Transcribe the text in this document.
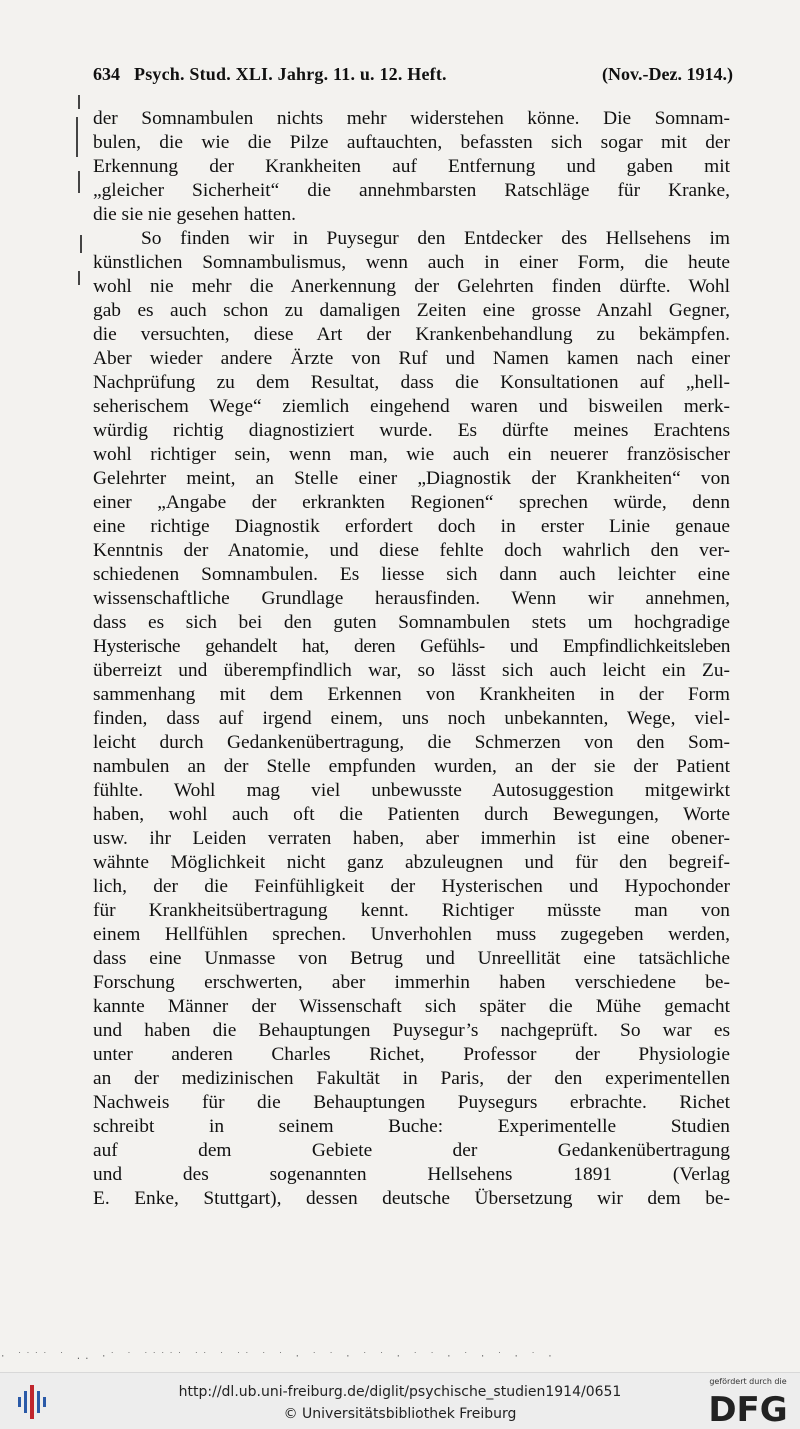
634 Psych. Stud. XLI. Jahrg. 11. u. 12. Heft.	(Nov.-Dez. 1914.)
der Somnambulen nichts mehr widerstehen könne. Die Somnam-
bulen, die wie die Pilze auftauchten, befassten sich sogar mit der
Erkennung der Krankheiten auf Entfernung und gaben mit
„gleicher Sicherheit“ die annehmbarsten Ratschläge für Kranke,
die sie nie gesehen hatten.
So finden wir in Puysegur den Entdecker des Hellsehens im
künstlichen Somnambulismus, wenn auch in einer Form, die heute
wohl nie mehr die Anerkennung der Gelehrten finden dürfte. Wohl
gab es auch schon zu damaligen Zeiten eine grosse Anzahl Gegner,
die versuchten, diese Art der Krankenbehandlung zu bekämpfen.
Aber wieder andere Ärzte von Ruf und Namen kamen nach einer
Nachprüfung zu dem Resultat, dass die Konsultationen auf „hell-
seherischem Wege“ ziemlich eingehend waren und bisweilen merk-
würdig richtig diagnostiziert wurde. Es dürfte meines Erachtens
wohl richtiger sein, wenn man, wie auch ein neuerer französischer
Gelehrter meint, an Stelle einer „Diagnostik der Krankheiten“ von
einer „Angabe der erkrankten Regionen“ sprechen würde, denn
eine richtige Diagnostik erfordert doch in erster Linie genaue
Kenntnis der Anatomie, und diese fehlte doch wahrlich den ver-
schiedenen Somnambulen. Es liesse sich dann auch leichter eine
wissenschaftliche Grundlage herausfinden. Wenn wir annehmen,
dass es sich bei den guten Somnambulen stets um hochgradige
Hysterische gehandelt hat, deren Gefühls- und Empfindlichkeitsleben
überreizt und überempfindlich war, so lässt sich auch leicht ein Zu-
sammenhang mit dem Erkennen von Krankheiten in der Form
finden, dass auf irgend einem, uns noch unbekannten, Wege, viel-
leicht durch Gedankenübertragung, die Schmerzen von den Som-
nambulen an der Stelle empfunden wurden, an der sie der Patient
fühlte. Wohl mag viel unbewusste Autosuggestion mitgewirkt
haben, wohl auch oft die Patienten durch Bewegungen, Worte
usw. ihr Leiden verraten haben, aber immerhin ist eine obener-
wähnte Möglichkeit nicht ganz abzuleugnen und für den begreif-
lich, der die Feinfühligkeit der Hysterischen und Hypochonder
für Krankheitsübertragung kennt. Richtiger müsste man von
einem Hellfühlen sprechen. Unverhohlen muss zugegeben werden,
dass eine Unmasse von Betrug und Unreellität eine tatsächliche
Forschung erschwerten, aber immerhin haben verschiedene be-
kannte Männer der Wissenschaft sich später die Mühe gemacht
und haben die Behauptungen Puysegur’s nachgeprüft. So war es
unter anderen Charles Richet, Professor der Physiologie
an der medizinischen Fakultät in Paris, der den experimentellen
Nachweis für die Behauptungen Puysegurs erbrachte. Richet
schreibt in seinem Buche: Experimentelle Studien
auf dem Gebiete der Gedankenübertragung
und des sogenannten Hellsehens 1891 (Verlag
E. Enke, Stuttgart), dessen deutsche Übersetzung wir dem be-
· ˙˙˙˙ ˙ .. ·˙ ˙ ˙˙˙˙˙ ˙˙ ˙ ˙˙ ˙ ˙ · ˙ ˙ · ˙ ˙ · ˙ ˙ · ˙ · ˙ · ˙ ·
http://dl.ub.uni-freiburg.de/diglit/psychische_studien1914/0651
© Universitätsbibliothek Freiburg
gefördert durch die
DFG
